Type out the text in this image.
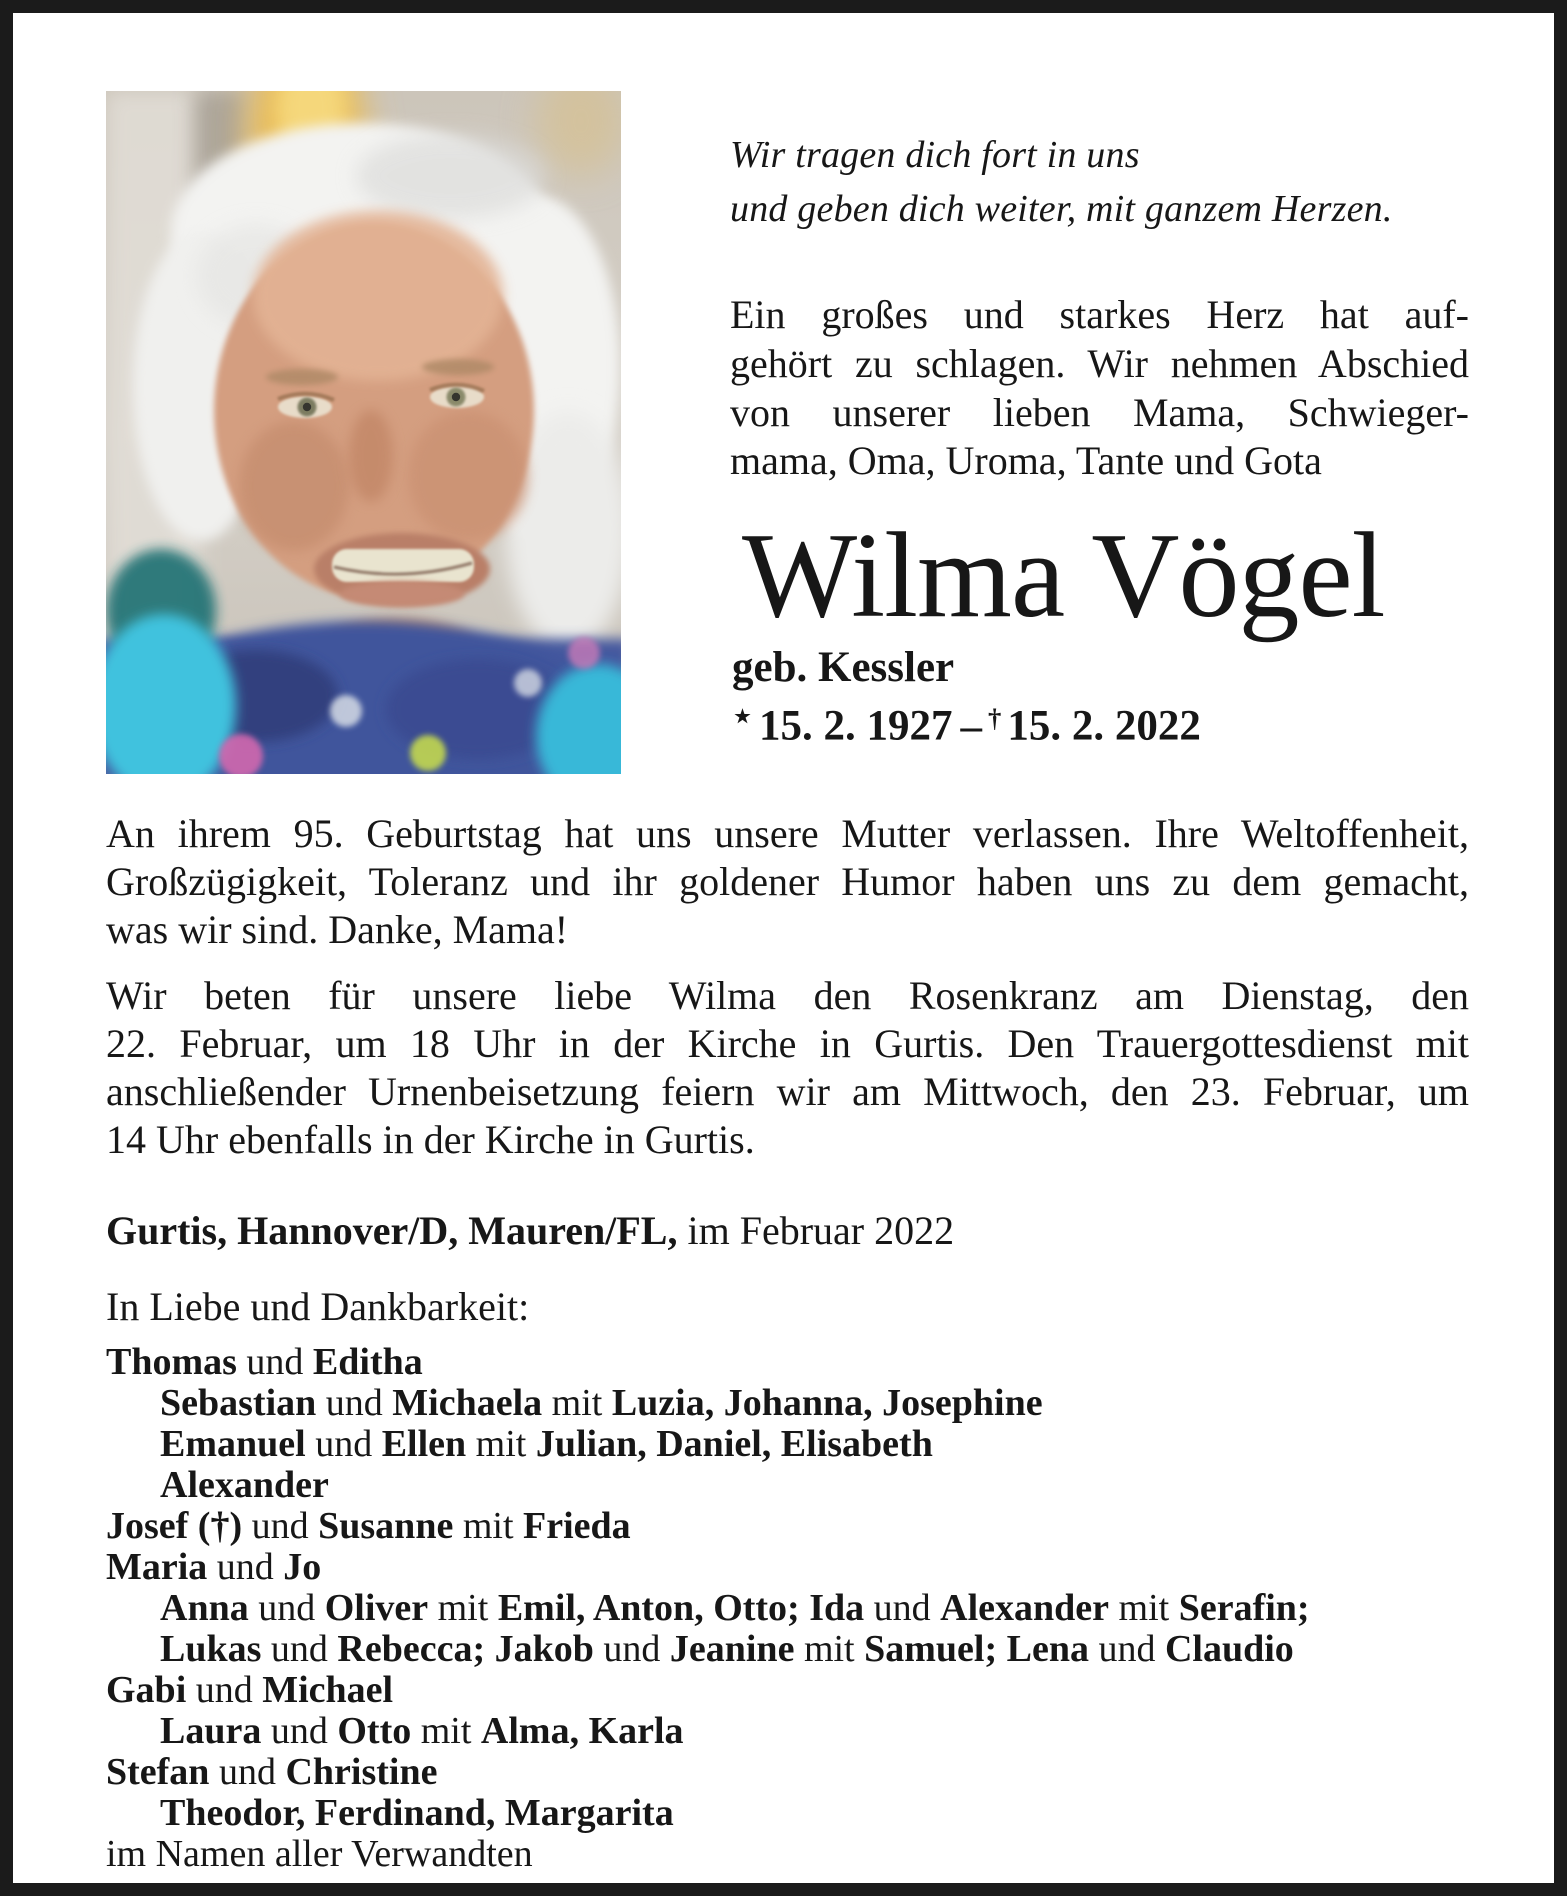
Wir tragen dich fort in uns
und geben dich weiter, mit ganzem Herzen.
Ein großes und starkes Herz hat auf-
gehört zu schlagen. Wir nehmen Abschied
von unserer lieben Mama, Schwieger-
mama, Oma, Uroma, Tante und Gota
Wilma Vögel
geb. Kessler
⋆ 15. 2. 1927 – † 15. 2. 2022
An ihrem 95. Geburtstag hat uns unsere Mutter verlassen. Ihre Weltoffenheit,
Großzügigkeit, Toleranz und ihr goldener Humor haben uns zu dem gemacht,
was wir sind. Danke, Mama!
Wir beten für unsere liebe Wilma den Rosenkranz am Dienstag, den
22. Februar, um 18 Uhr in der Kirche in Gurtis. Den Trauergottesdienst mit
anschließender Urnenbeisetzung feiern wir am Mittwoch, den 23. Februar, um
14 Uhr ebenfalls in der Kirche in Gurtis.
Gurtis, Hannover/D, Mauren/FL, im Februar 2022
In Liebe und Dankbarkeit:
Thomas und Editha
Sebastian und Michaela mit Luzia, Johanna, Josephine
Emanuel und Ellen mit Julian, Daniel, Elisabeth
Alexander
Josef (†) und Susanne mit Frieda
Maria und Jo
Anna und Oliver mit Emil, Anton, Otto; Ida und Alexander mit Serafin;
Lukas und Rebecca; Jakob und Jeanine mit Samuel; Lena und Claudio
Gabi und Michael
Laura und Otto mit Alma, Karla
Stefan und Christine
Theodor, Ferdinand, Margarita
im Namen aller Verwandten
